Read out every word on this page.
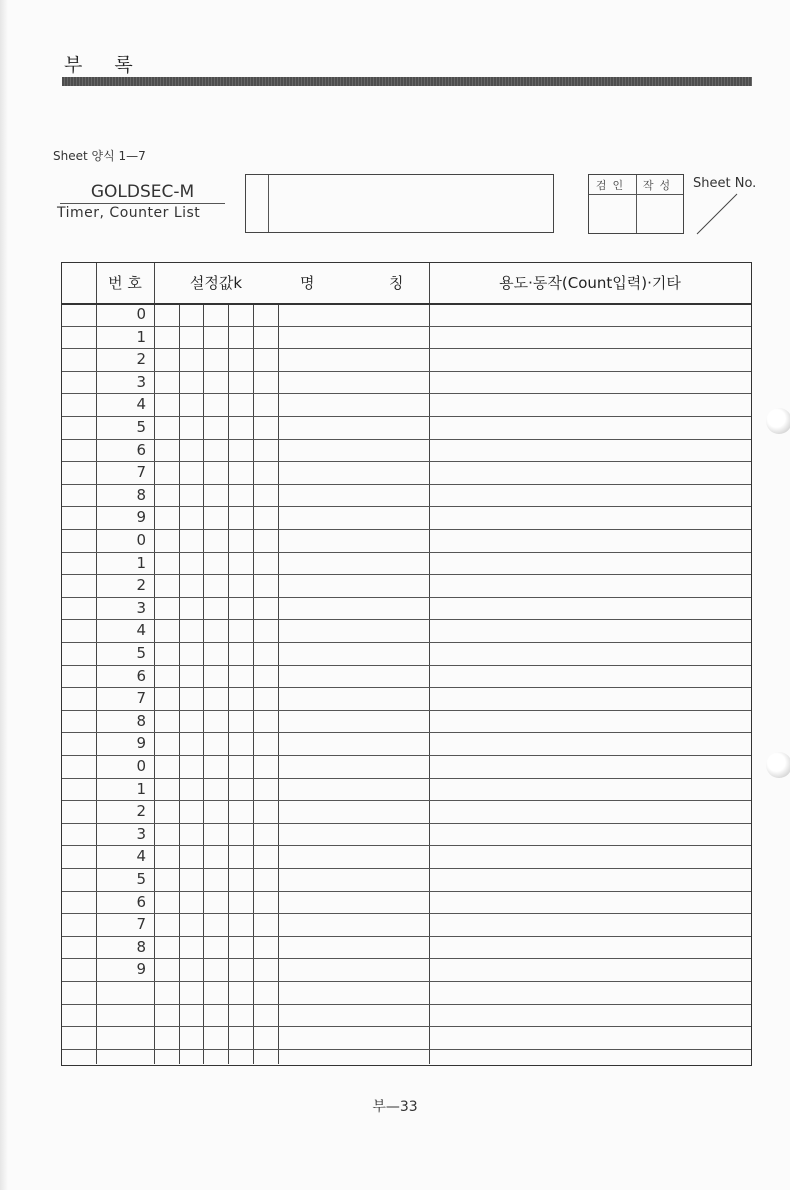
부 록
Sheet 양식 1—7
GOLDSEC-M
Timer, Counter List
검인	작성	Sheet No.
번 호	설정값k	명	칭	용도·동작(Count입력)·기타
0
1
2
3
4
5
6
7
8
9
0
1
2
3
4
5
6
7
8
9
0
1
2
3
4
5
6
7
8
9
부—33
